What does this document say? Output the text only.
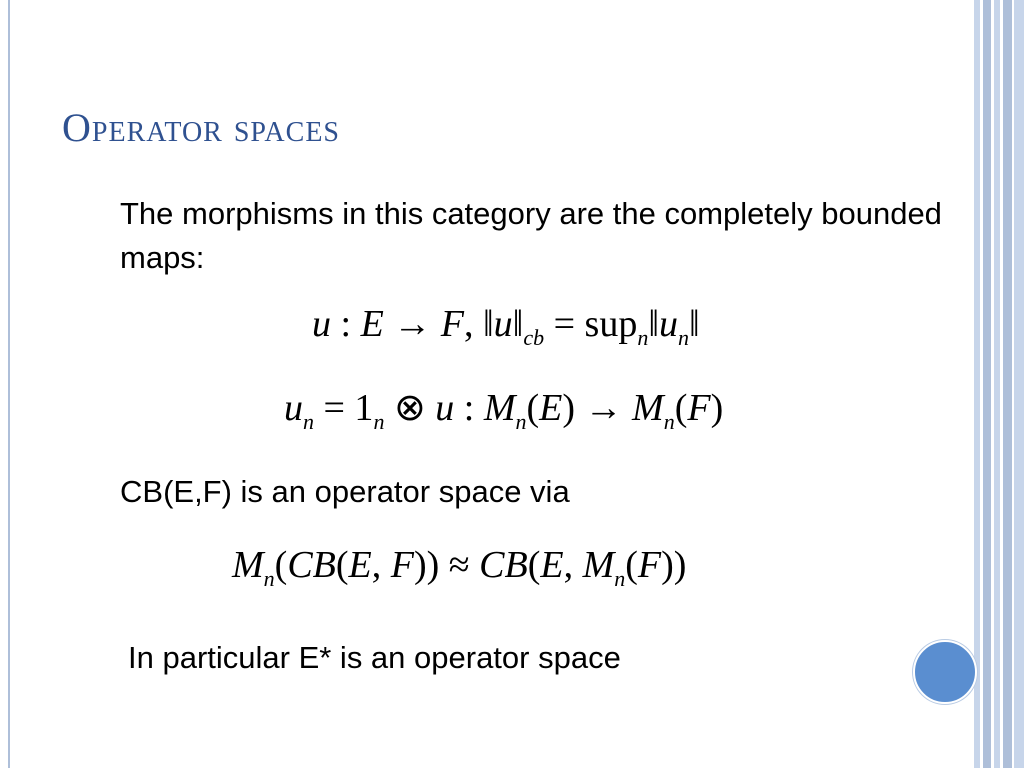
Operator spaces
The morphisms in this category are the completely bounded maps:
u : E → F, $‖u‖_{cb}$ = $sup_n‖u_n‖$
$u_n = 1_n$ ⊗ u : $M_n(E) \to M_n(F)$
CB(E,F) is an operator space via
$M_n(CB(E$, F)) ≈ CB(E, $M_n(F)$)
In particular E* is an operator space
